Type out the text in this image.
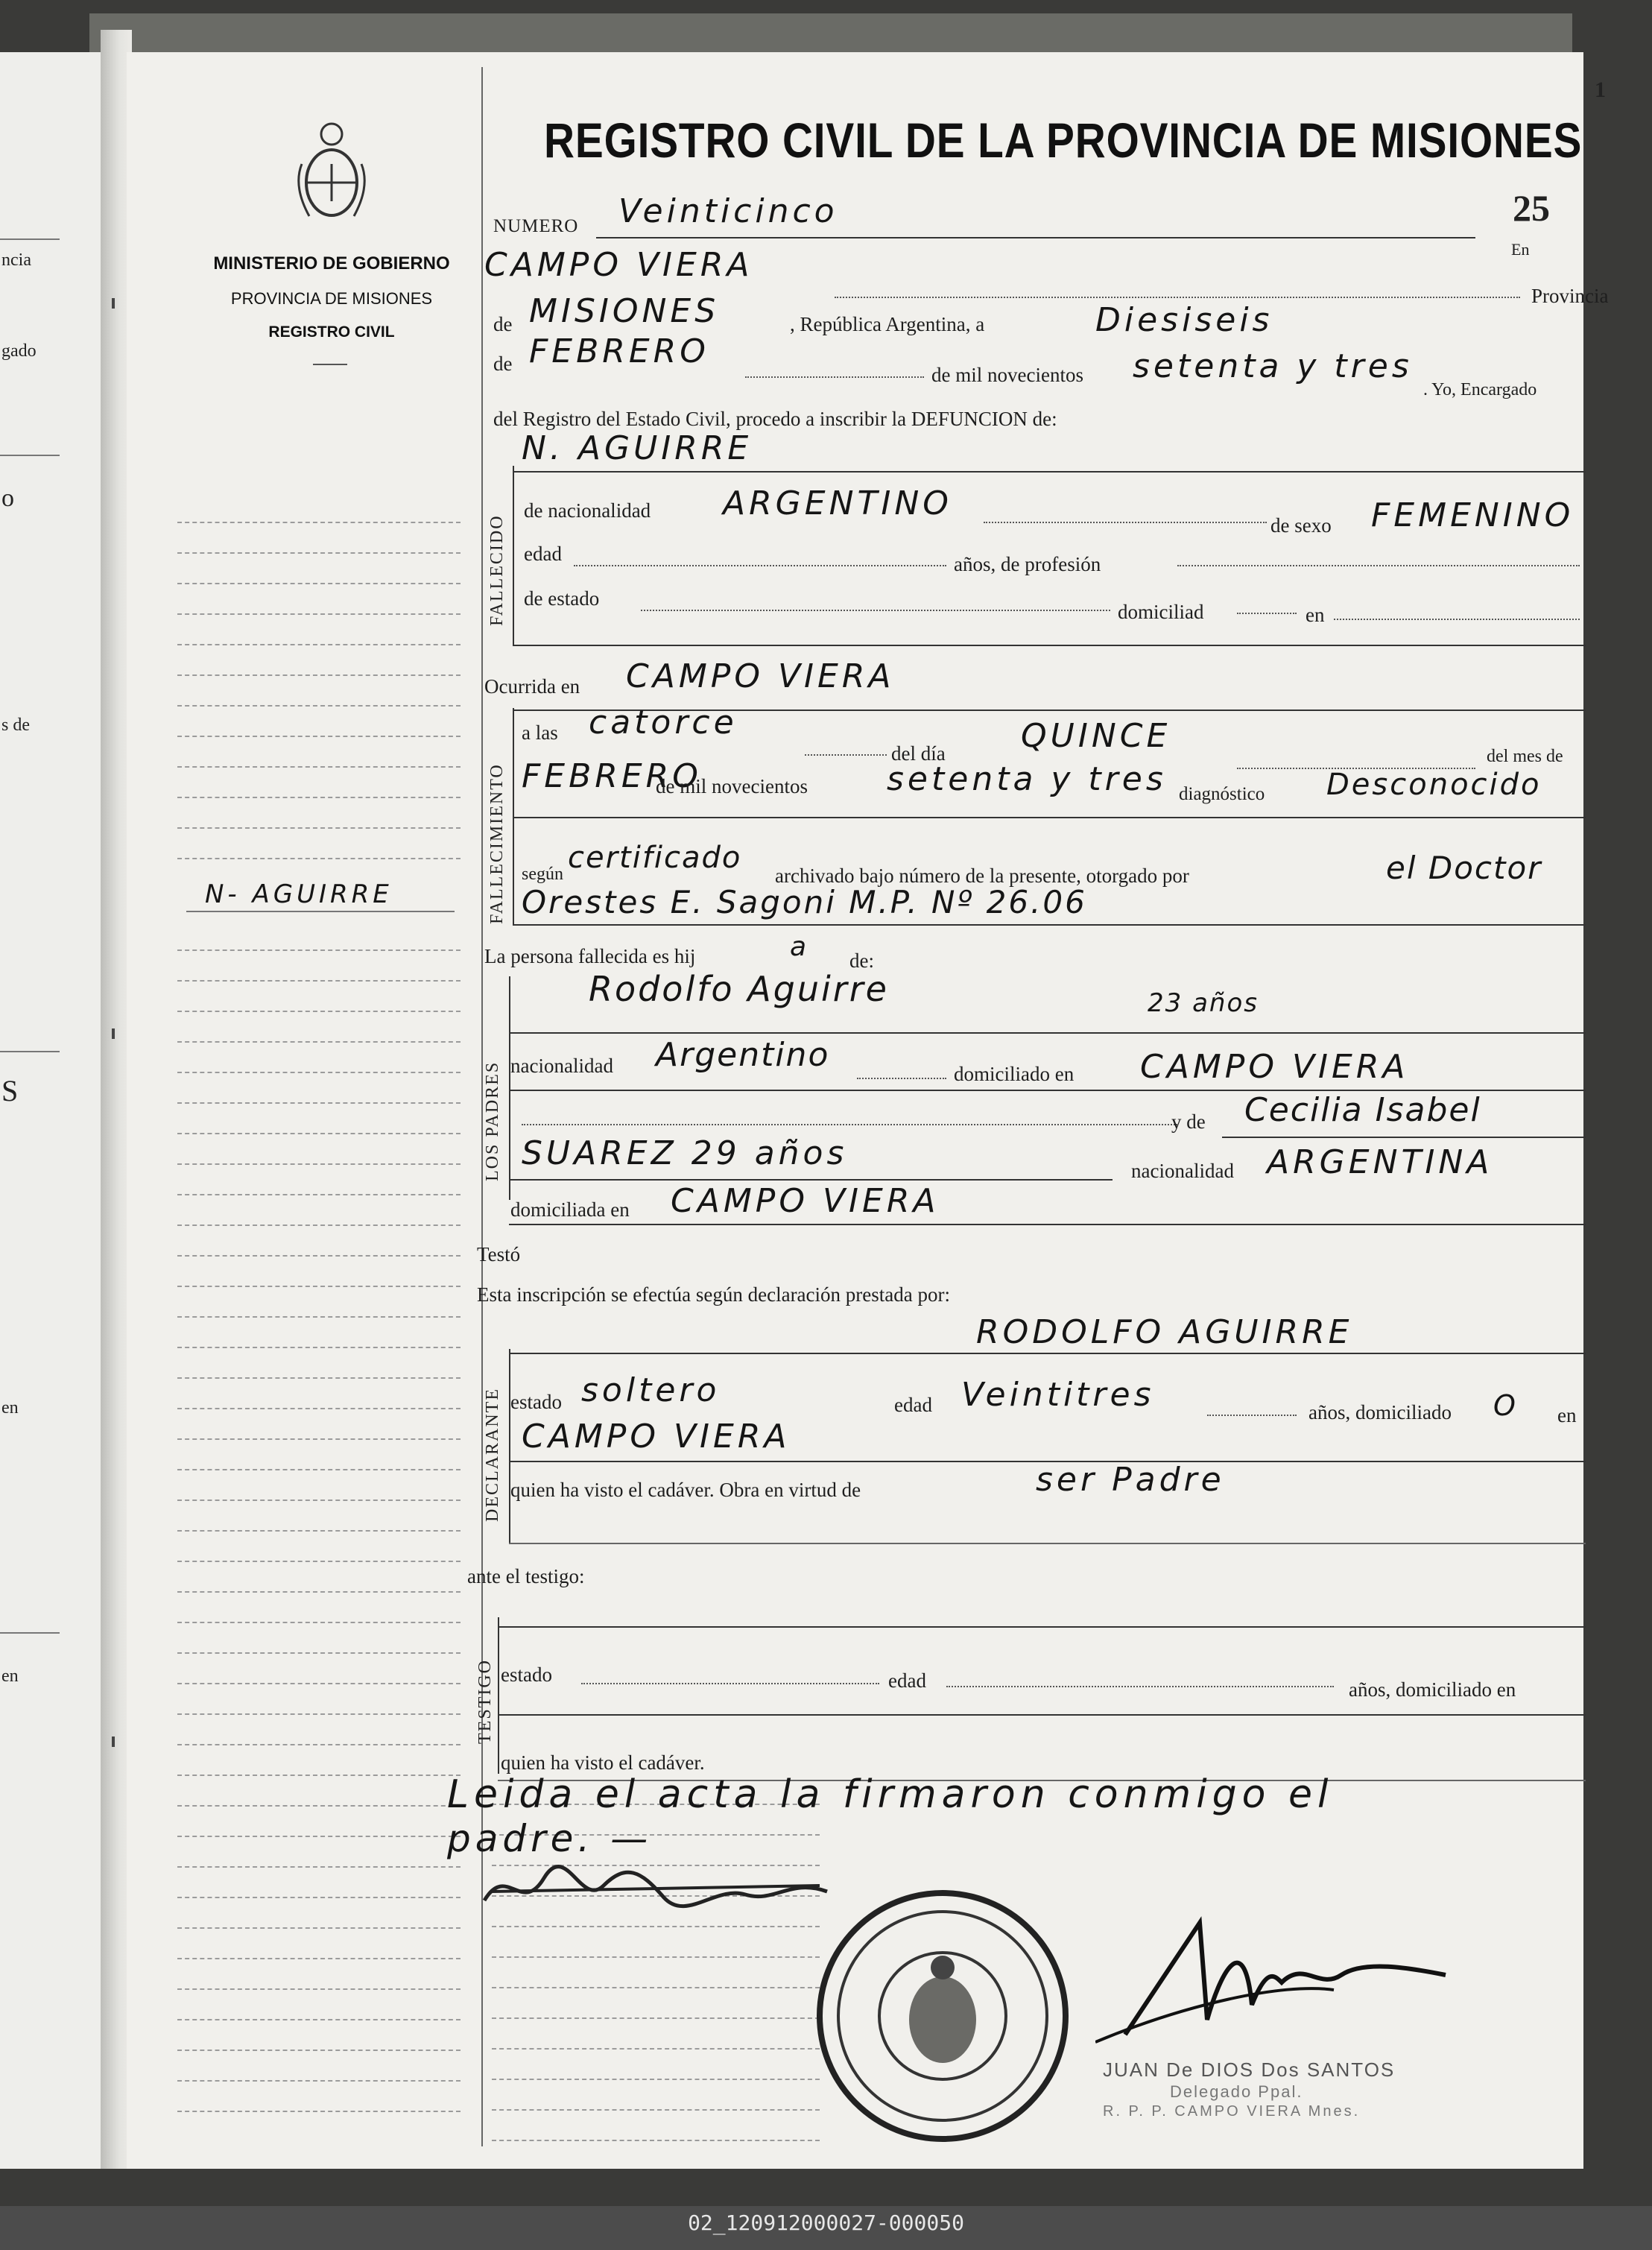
ncia
gado
o
s de
S
en
en
MINISTERIO DE GOBIERNO
PROVINCIA DE MISIONES
REGISTRO CIVIL
REGISTRO CIVIL DE LA PROVINCIA DE MISIONES
25
1
N- AGUIRRE
NUMERO Veinticinco
En
CAMPO VIERA
Provincia
de MISIONES	, República Argentina, a	Diesiseis
de FEBRERO
de mil novecientos setenta y tres
. Yo, Encargado
del Registro del Estado Civil, procedo a inscribir la DEFUNCION de:
FALLECIDO
N. AGUIRRE
de nacionalidad ARGENTINO
de sexo FEMENINO
edad	años, de profesión
de estado
domiciliad	en
FALLECIMIENTO
Ocurrida en CAMPO VIERA
a las catorce
del día QUINCE
del mes de
FEBRERO
de mil novecientos setenta y tres diagnóstico Desconocido
según certificado
archivado bajo número de la presente, otorgado por	el Doctor
Orestes E. Sagoni M.P. Nº 26.06
La persona fallecida es hij	a de:
LOS PADRES
Rodolfo Aguirre	23 años
nacionalidad Argentino	domiciliado en CAMPO VIERA
y de Cecilia Isabel
SUAREZ 29 años	nacionalidad ARGENTINA
domiciliada en CAMPO VIERA
Testó
Esta inscripción se efectúa según declaración prestada por:
DECLARANTE
RODOLFO AGUIRRE
estado soltero	edad Veintitres	años, domiciliado O en
CAMPO VIERA
quien ha visto el cadáver. Obra en virtud de	ser Padre
ante el testigo:
TESTIGO estado	edad	años, domiciliado en
quien ha visto el cadáver.
Leida el acta la firmaron conmigo el
padre. —
JUAN De DIOS Dos SANTOS
Delegado Ppal.
R. P. P. CAMPO VIERA Mnes.
02_120912000027-000050
